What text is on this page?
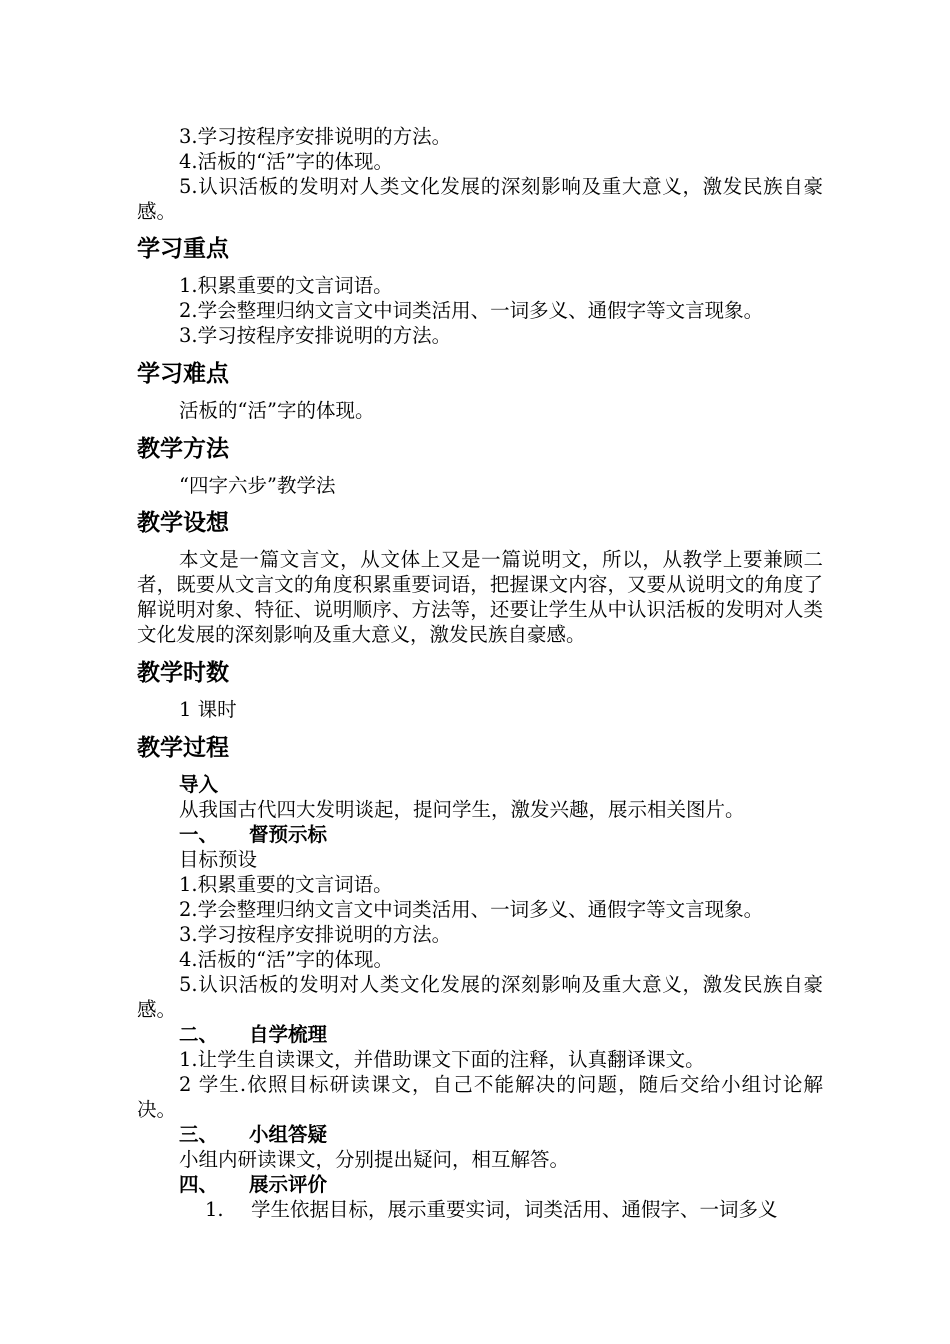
3.学习按程序安排说明的方法。
4.活板的“活”字的体现。
5.认识活板的发明对人类文化发展的深刻影响及重大意义，激发民族自豪感。
学习重点
1.积累重要的文言词语。
2.学会整理归纳文言文中词类活用、一词多义、通假字等文言现象。
3.学习按程序安排说明的方法。
学习难点
活板的“活”字的体现。
教学方法
“四字六步”教学法
教学设想
本文是一篇文言文，从文体上又是一篇说明文，所以，从教学上要兼顾二者，既要从文言文的角度积累重要词语，把握课文内容，又要从说明文的角度了解说明对象、特征、说明顺序、方法等，还要让学生从中认识活板的发明对人类文化发展的深刻影响及重大意义，激发民族自豪感。
教学时数
1 课时
教学过程
导入
从我国古代四大发明谈起，提问学生，激发兴趣，展示相关图片。
一、 督预示标
目标预设
1.积累重要的文言词语。
2.学会整理归纳文言文中词类活用、一词多义、通假字等文言现象。
3.学习按程序安排说明的方法。
4.活板的“活”字的体现。
5.认识活板的发明对人类文化发展的深刻影响及重大意义，激发民族自豪感。
二、 自学梳理
1.让学生自读课文，并借助课文下面的注释，认真翻译课文。
2 学生.依照目标研读课文，自己不能解决的问题，随后交给小组讨论解决。
三、 小组答疑
小组内研读课文，分别提出疑问，相互解答。
四、 展示评价
1. 学生依据目标，展示重要实词，词类活用、通假字、一词多义
